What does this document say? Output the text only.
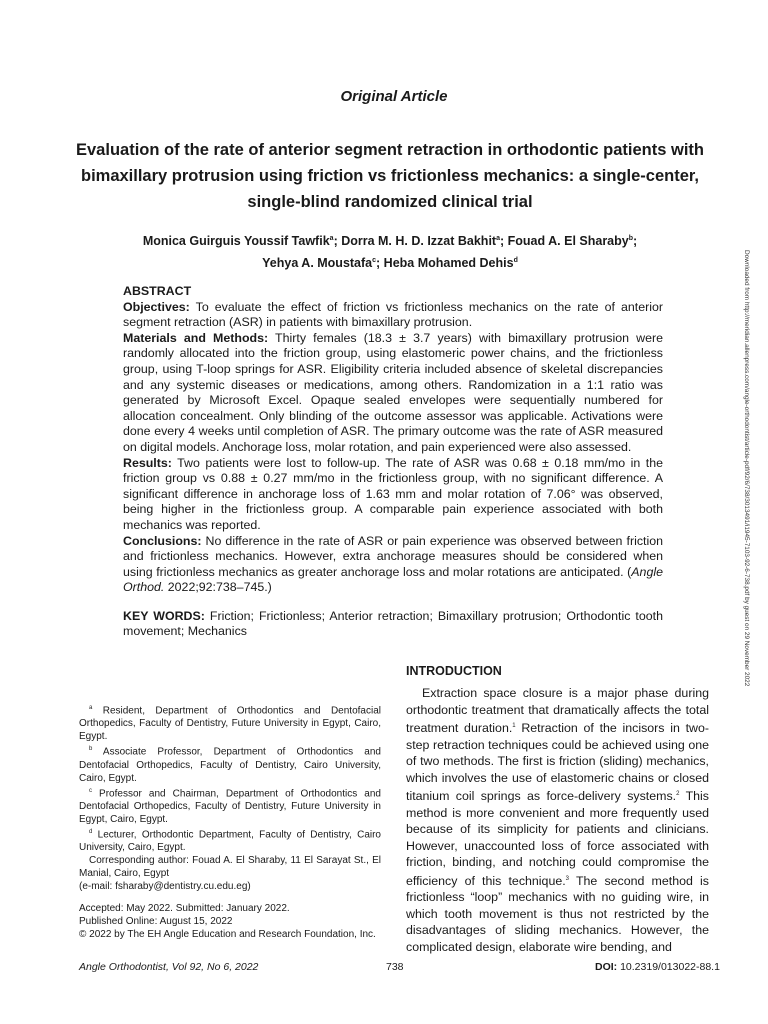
Original Article
Evaluation of the rate of anterior segment retraction in orthodontic patients with bimaxillary protrusion using friction vs frictionless mechanics: a single-center, single-blind randomized clinical trial
Monica Guirguis Youssif Tawfik$^a$; Dorra M. H. D. Izzat Bakhit$^a$; Fouad A. El Sharaby$^b$;
Yehya A. Moustafa$^c$; Heba Mohamed Dehis$^d$

ABSTRACT

Objectives: To evaluate the effect of friction vs frictionless mechanics on the rate of anterior segment retraction (ASR) in patients with bimaxillary protrusion.

Materials and Methods: Thirty females (18.3 ± 3.7 years) with bimaxillary protrusion were randomly allocated into the friction group, using elastomeric power chains, and the frictionless group, using T-loop springs for ASR. Eligibility criteria included absence of skeletal discrepancies and any systemic diseases or medications, among others. Randomization in a 1:1 ratio was generated by Microsoft Excel. Opaque sealed envelopes were sequentially numbered for allocation concealment. Only blinding of the outcome assessor was applicable. Activations were done every 4 weeks until completion of ASR. The primary outcome was the rate of ASR measured on digital models. Anchorage loss, molar rotation, and pain experienced were also assessed.

Results: Two patients were lost to follow-up. The rate of ASR was 0.68 ± 0.18 mm/mo in the friction group vs 0.88 ± 0.27 mm/mo in the frictionless group, with no significant difference. A significant difference in anchorage loss of 1.63 mm and molar rotation of 7.06° was observed, being higher in the frictionless group. A comparable pain experience associated with both mechanics was reported.

Conclusions: No difference in the rate of ASR or pain experience was observed between friction and frictionless mechanics. However, extra anchorage measures should be considered when using frictionless mechanics as greater anchorage loss and molar rotations are anticipated. (Angle Orthod. 2022;92:738–745.)

KEY WORDS: Friction; Frictionless; Anterior retraction; Bimaxillary protrusion; Orthodontic tooth movement; Mechanics	Downloaded from http://meridian.allenpress.com/angle-orthodontist/article-pdf/92/6/738/3013491/i1945-7103-92-6-738.pdf by guest on 29 November 2022

$^a$ Resident, Department of Orthodontics and Dentofacial Orthopedics, Faculty of Dentistry, Future University in Egypt, Cairo, Egypt.

$^b$ Associate Professor, Department of Orthodontics and Dentofacial Orthopedics, Faculty of Dentistry, Cairo University, Cairo, Egypt.

$^c$ Professor and Chairman, Department of Orthodontics and Dentofacial Orthopedics, Faculty of Dentistry, Future University in Egypt, Cairo, Egypt.

$^d$ Lecturer, Orthodontic Department, Faculty of Dentistry, Cairo University, Cairo, Egypt.

Corresponding author: Fouad A. El Sharaby, 11 El Sarayat St., El Manial, Cairo, Egypt

(e-mail: fsharaby@dentistry.cu.edu.eg)

Accepted: May 2022. Submitted: January 2022.

Published Online: August 15, 2022

© 2022 by The EH Angle Education and Research Foundation, Inc.

INTRODUCTION

Extraction space closure is a major phase during orthodontic treatment that dramatically affects the total treatment duration.$^1$ Retraction of the incisors in two-step retraction techniques could be achieved using one of two methods. The first is friction (sliding) mechanics, which involves the use of elastomeric chains or closed titanium coil springs as force-delivery systems.$^2$ This method is more convenient and more frequently used because of its simplicity for patients and clinicians. However, unaccounted loss of force associated with friction, binding, and notching could compromise the efficiency of this technique.$^3$ The second method is frictionless “loop” mechanics with no guiding wire, in which tooth movement is thus not restricted by the disadvantages of sliding mechanics. However, the complicated design, elaborate wire bending, and

Angle Orthodontist, Vol 92, No 6, 2022	738	DOI: 10.2319/013022-88.1
